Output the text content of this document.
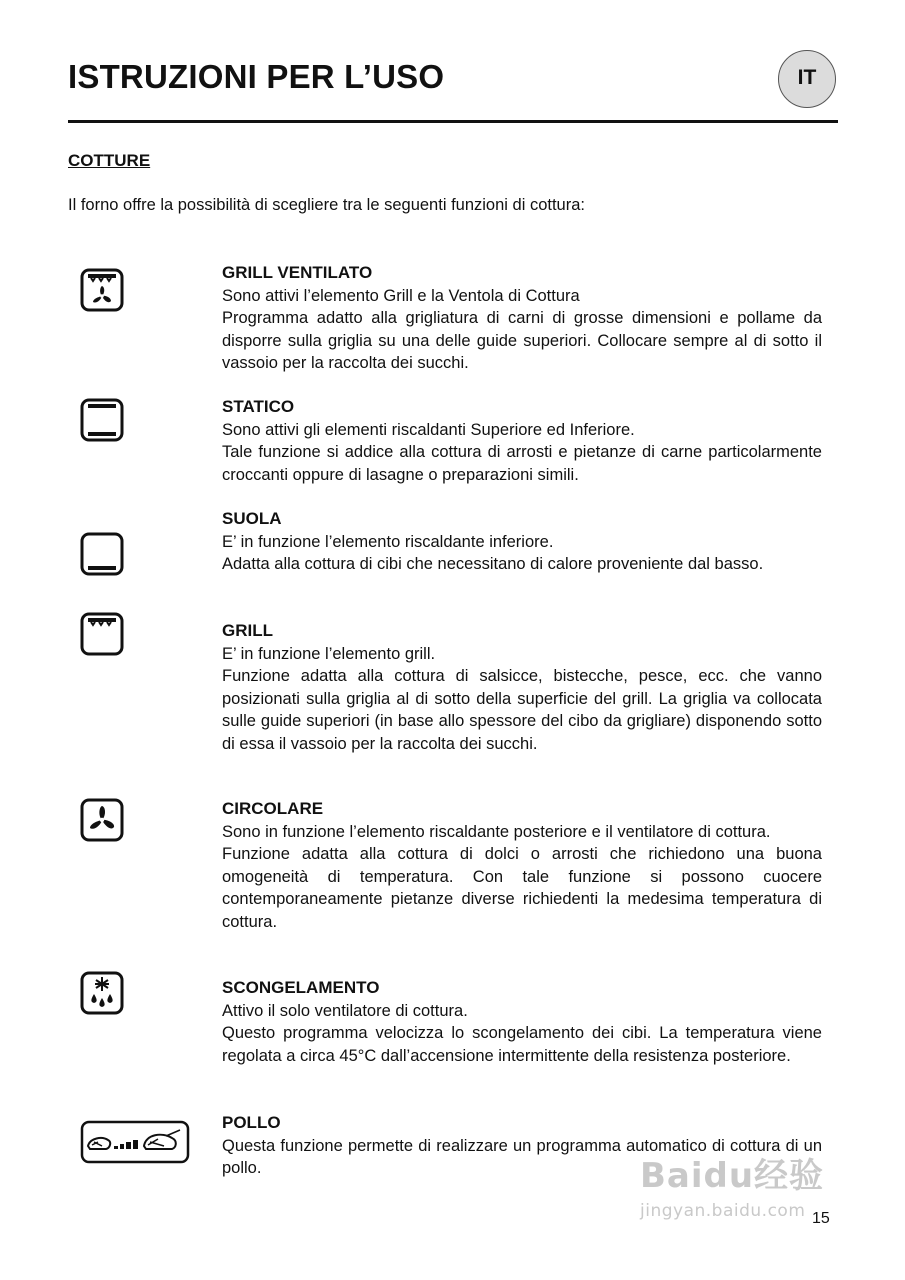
ISTRUZIONI PER L’USO	IT
COTTURE

Il forno offre la possibilità di scegliere tra le seguenti funzioni di cottura:

GRILL VENTILATO

Sono attivi l’elemento Grill e la Ventola di Cottura

Programma adatto alla grigliatura di carni di grosse dimensioni e pollame da disporre sulla griglia su una delle guide superiori. Collocare sempre al di sotto il vassoio per la raccolta dei succhi.

STATICO

Sono attivi gli elementi riscaldanti Superiore ed Inferiore.

Tale funzione si addice alla cottura di arrosti e pietanze di carne particolarmente croccanti oppure di lasagne o preparazioni simili.

SUOLA

E’ in funzione l’elemento riscaldante inferiore.

Adatta alla cottura di cibi che necessitano di calore proveniente dal basso.

GRILL

E’ in funzione l’elemento grill.

Funzione adatta alla cottura di salsicce, bistecche, pesce, ecc. che vanno posizionati sulla griglia al di sotto della superficie del grill. La griglia va collocata sulle guide superiori (in base allo spessore del cibo da grigliare) disponendo sotto di essa il vassoio per la raccolta dei succhi.

CIRCOLARE

Sono in funzione l’elemento riscaldante posteriore e il ventilatore di cottura.

Funzione adatta alla cottura di dolci o arrosti che richiedono una buona omogeneità di temperatura. Con tale funzione si possono cuocere contemporaneamente pietanze diverse richiedenti la medesima temperatura di cottura.

SCONGELAMENTO

Attivo il solo ventilatore di cottura.

Questo programma velocizza lo scongelamento dei cibi. La temperatura viene regolata a circa 45°C dall’accensione intermittente della resistenza posteriore.

POLLO

Questa funzione permette di realizzare un programma automatico di cottura di un pollo.	Baidu经验
jingyan.baidu.com 15
